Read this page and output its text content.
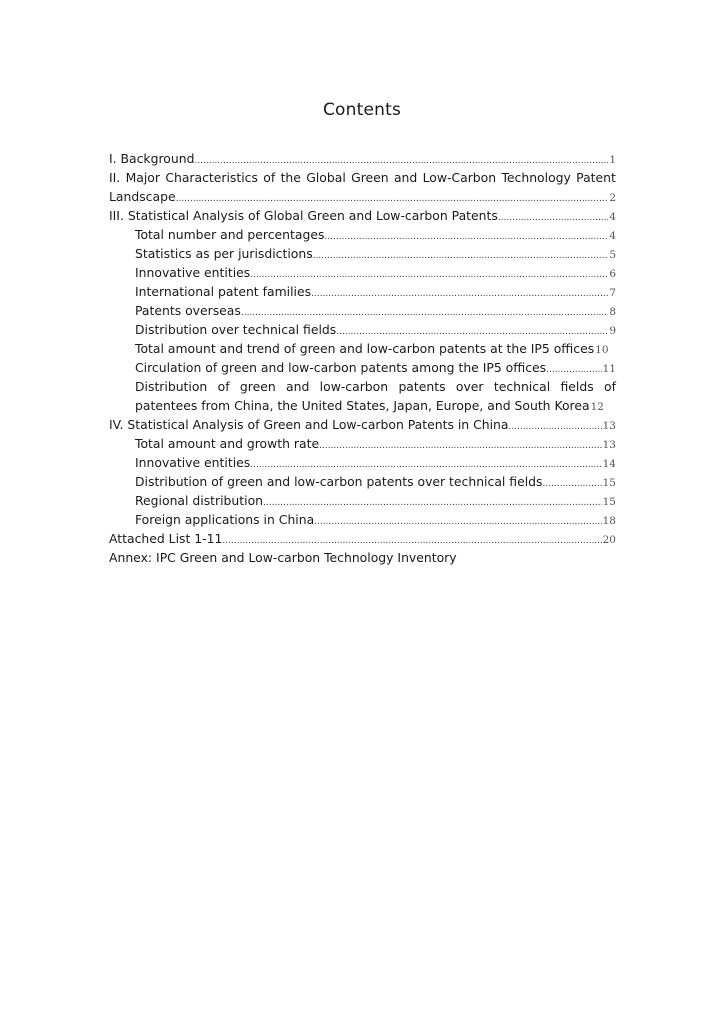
Contents
I. Background .....	1
II. Major Characteristics of the Global Green and Low-Carbon Technology Patent
Landscape .....	2
III. Statistical Analysis of Global Green and Low-carbon Patents .....	4
Total number and percentages .....	4
Statistics as per jurisdictions .....	5
Innovative entities .....	6
International patent families .....	7
Patents overseas .....	8
Distribution over technical fields .....	9
Total amount and trend of green and low-carbon patents at the IP5 offices 10
Circulation of green and low-carbon patents among the IP5 offices .....	11
Distribution of green and low-carbon patents over technical fields of
patentees from China, the United States, Japan, Europe, and South Korea 12
IV. Statistical Analysis of Green and Low-carbon Patents in China .....	13
Total amount and growth rate .....	13
Innovative entities .....	14
Distribution of green and low-carbon patents over technical fields .....	15
Regional distribution .....	15
Foreign applications in China .....	18
Attached List 1-11 .....	20
Annex: IPC Green and Low-carbon Technology Inventory
